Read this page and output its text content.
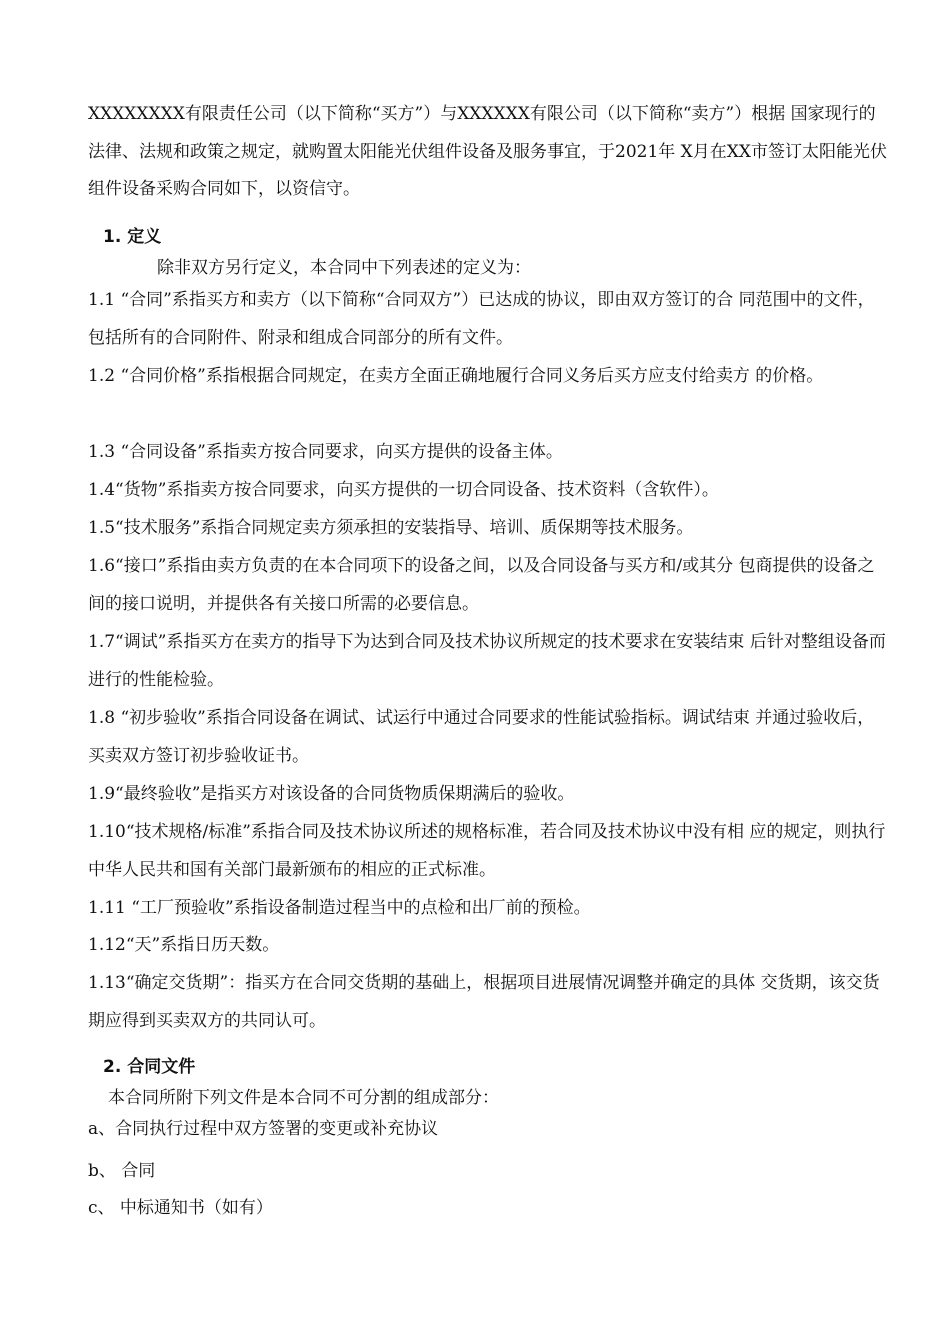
XXXXXXXX有限责任公司（以下简称“买方”）与XXXXXX有限公司（以下简称“卖方”）根据 国家现行的法律、法规和政策之规定，就购置太阳能光伏组件设备及服务事宜，于2021年 X月在XX市签订太阳能光伏组件设备采购合同如下，以资信守。

1. 定义

除非双方另行定义，本合同中下列表述的定义为：

1.1 “合同”系指买方和卖方（以下简称“合同双方”）已达成的协议，即由双方签订的合 同范围中的文件，包括所有的合同附件、附录和组成合同部分的所有文件。

1.2 “合同价格”系指根据合同规定，在卖方全面正确地履行合同义务后买方应支付给卖方 的价格。

1.3 “合同设备”系指卖方按合同要求，向买方提供的设备主体。

1.4“货物”系指卖方按合同要求，向买方提供的一切合同设备、技术资料（含软件）。

1.5“技术服务”系指合同规定卖方须承担的安装指导、培训、质保期等技术服务。

1.6“接口”系指由卖方负责的在本合同项下的设备之间，以及合同设备与买方和/或其分 包商提供的设备之间的接口说明，并提供各有关接口所需的必要信息。

1.7“调试”系指买方在卖方的指导下为达到合同及技术协议所规定的技术要求在安装结束 后针对整组设备而进行的性能检验。

1.8 “初步验收”系指合同设备在调试、试运行中通过合同要求的性能试验指标。调试结束 并通过验收后，买卖双方签订初步验收证书。

1.9“最终验收”是指买方对该设备的合同货物质保期满后的验收。

1.10“技术规格/标准”系指合同及技术协议所述的规格标准，若合同及技术协议中没有相 应的规定，则执行中华人民共和国有关部门最新颁布的相应的正式标准。

1.11 “工厂预验收”系指设备制造过程当中的点检和出厂前的预检。

1.12“天”系指日历天数。

1.13“确定交货期”：指买方在合同交货期的基础上，根据项目进展情况调整并确定的具体 交货期，该交货期应得到买卖双方的共同认可。

2. 合同文件

本合同所附下列文件是本合同不可分割的组成部分：

a、合同执行过程中双方签署的变更或补充协议

b、 合同

c、 中标通知书（如有）
